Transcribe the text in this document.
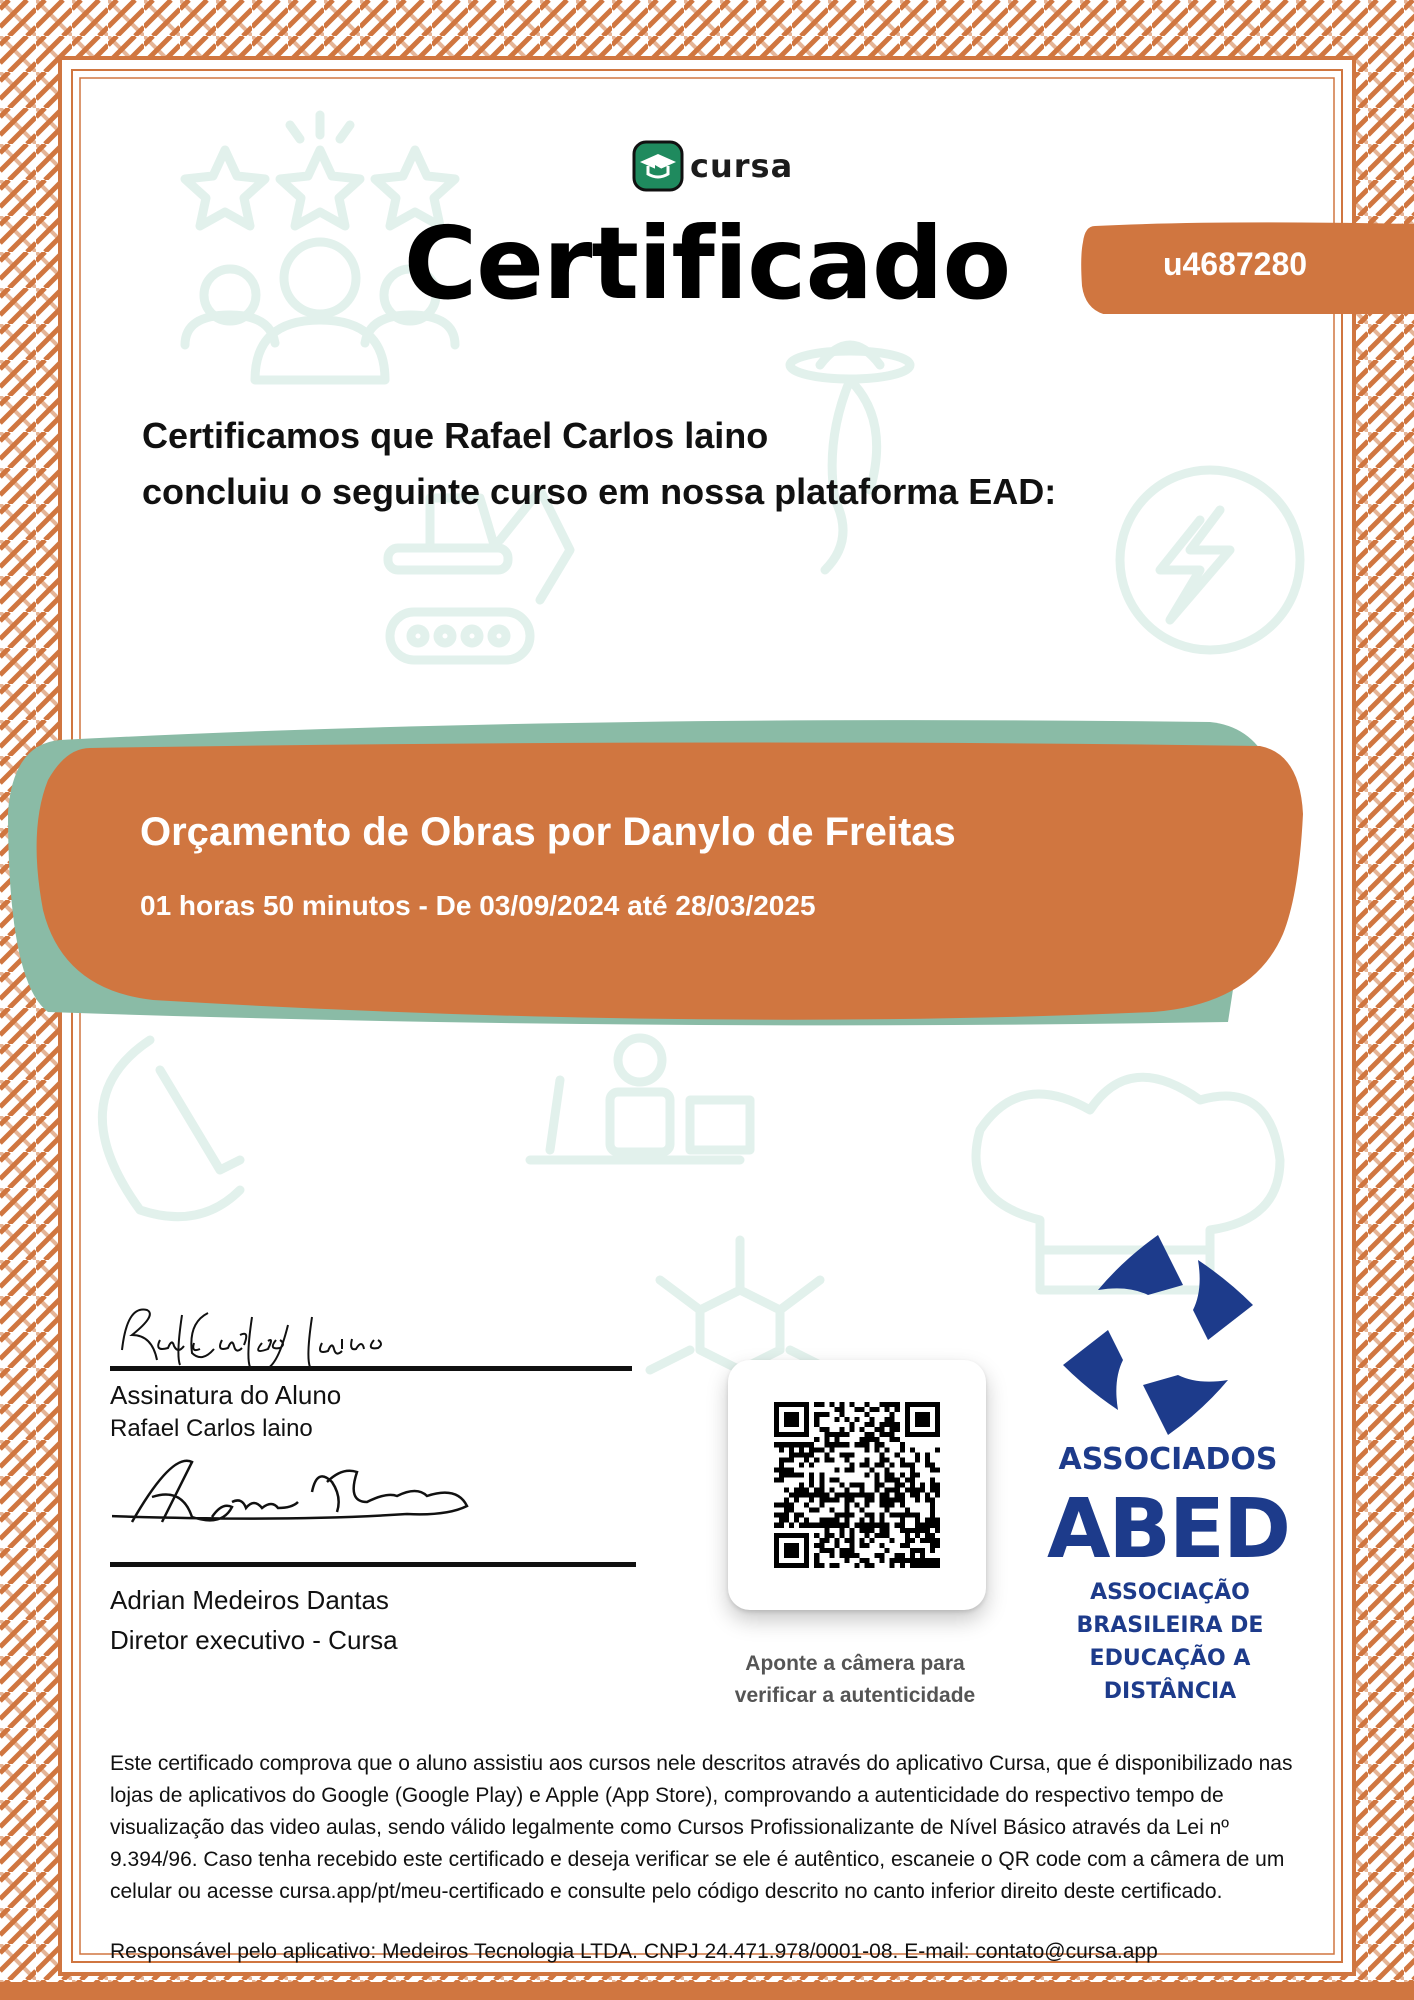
cursa
Certificado	u4687280
Certificamos que Rafael Carlos laino
concluiu o seguinte curso em nossa plataforma EAD:
Orçamento de Obras por Danylo de Freitas
01 horas 50 minutos - De 03/09/2024 até 28/03/2025
Assinatura do Aluno
Rafael Carlos laino
Adrian Medeiros Dantas
Diretor executivo - Cursa
Aponte a câmera para
verificar a autenticidade
ASSOCIADOS
ABED
ASSOCIAÇÃO
BRASILEIRA DE
EDUCAÇÃO A
DISTÂNCIA
Este certificado comprova que o aluno assistiu aos cursos nele descritos através do aplicativo Cursa, que é disponibilizado nas lojas de aplicativos do Google (Google Play) e Apple (App Store), comprovando a autenticidade do respectivo tempo de visualização das video aulas, sendo válido legalmente como Cursos Profissionalizante de Nível Básico através da Lei nº 9.394/96. Caso tenha recebido este certificado e deseja verificar se ele é autêntico, escaneie o QR code com a câmera de um celular ou acesse cursa.app/pt/meu-certificado e consulte pelo código descrito no canto inferior direito deste certificado.
Responsável pelo aplicativo: Medeiros Tecnologia LTDA. CNPJ 24.471.978/0001-08. E-mail: contato@cursa.app
